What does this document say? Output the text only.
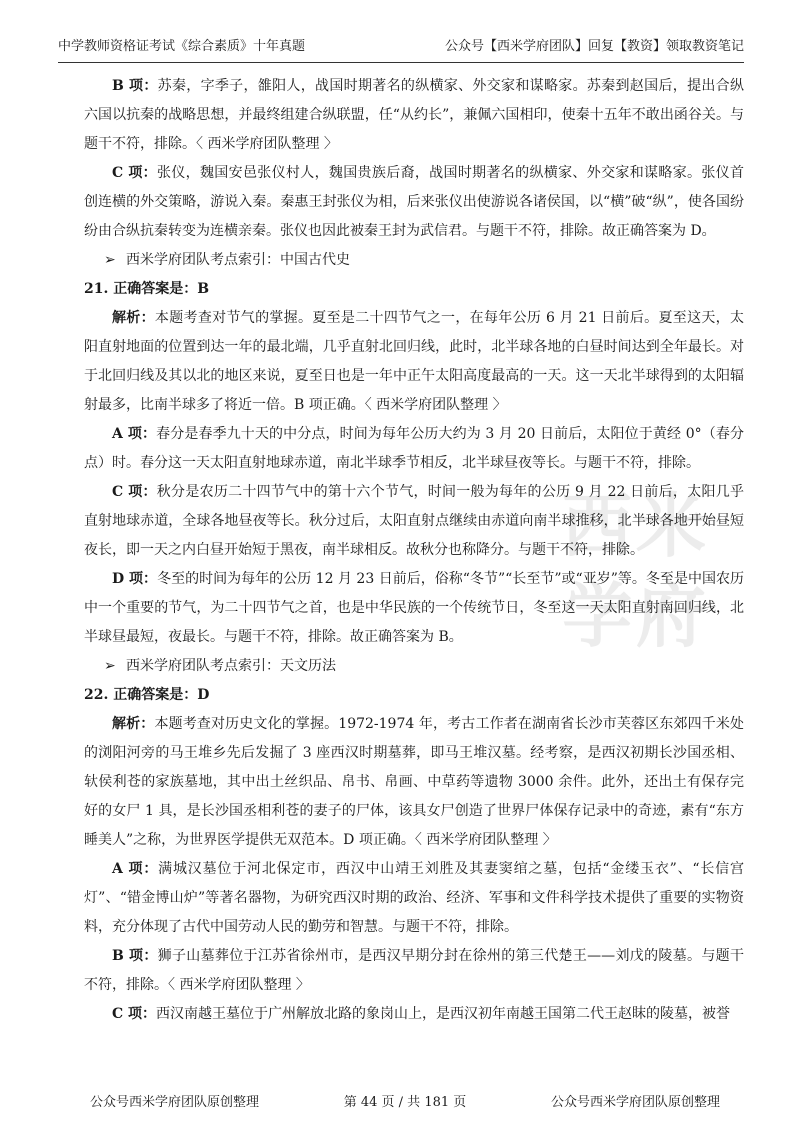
中学教师资格证考试《综合素质》十年真题	公众号【西米学府团队】回复【教资】领取教资笔记
西 米
学 府

B 项：苏秦，字季子，雒阳人，战国时期著名的纵横家、外交家和谋略家。苏秦到赵国后，提出合纵六国以抗秦的战略思想，并最终组建合纵联盟，任“从约长”，兼佩六国相印，使秦十五年不敢出函谷关。与题干不符，排除。〈 西米学府团队整理 〉

C 项：张仪，魏国安邑张仪村人，魏国贵族后裔，战国时期著名的纵横家、外交家和谋略家。张仪首创连横的外交策略，游说入秦。秦惠王封张仪为相，后来张仪出使游说各诸侯国，以“横”破“纵”，使各国纷纷由合纵抗秦转变为连横亲秦。张仪也因此被秦王封为武信君。与题干不符，排除。故正确答案为 D。

➢ 西米学府团队考点索引：中国古代史

21. 正确答案是：B

解析：本题考查对节气的掌握。夏至是二十四节气之一，在每年公历 6 月 21 日前后。夏至这天，太阳直射地面的位置到达一年的最北端，几乎直射北回归线，此时，北半球各地的白昼时间达到全年最长。对于北回归线及其以北的地区来说，夏至日也是一年中正午太阳高度最高的一天。这一天北半球得到的太阳辐射最多，比南半球多了将近一倍。B 项正确。〈 西米学府团队整理 〉

A 项：春分是春季九十天的中分点，时间为每年公历大约为 3 月 20 日前后，太阳位于黄经 0°（春分点）时。春分这一天太阳直射地球赤道，南北半球季节相反，北半球昼夜等长。与题干不符，排除。

C 项：秋分是农历二十四节气中的第十六个节气，时间一般为每年的公历 9 月 22 日前后，太阳几乎直射地球赤道，全球各地昼夜等长。秋分过后，太阳直射点继续由赤道向南半球推移，北半球各地开始昼短夜长，即一天之内白昼开始短于黑夜，南半球相反。故秋分也称降分。与题干不符，排除。

D 项：冬至的时间为每年的公历 12 月 23 日前后，俗称“冬节”“长至节”或“亚岁”等。冬至是中国农历中一个重要的节气，为二十四节气之首，也是中华民族的一个传统节日，冬至这一天太阳直射南回归线，北半球昼最短，夜最长。与题干不符，排除。故正确答案为 B。

➢ 西米学府团队考点索引：天文历法

22. 正确答案是：D

解析：本题考查对历史文化的掌握。1972-1974 年，考古工作者在湖南省长沙市芙蓉区东郊四千米处的浏阳河旁的马王堆乡先后发掘了 3 座西汉时期墓葬，即马王堆汉墓。经考察，是西汉初期长沙国丞相、轪侯利苍的家族墓地，其中出土丝织品、帛书、帛画、中草药等遗物 3000 余件。此外，还出土有保存完好的女尸 1 具，是长沙国丞相利苍的妻子的尸体，该具女尸创造了世界尸体保存记录中的奇迹，素有“东方睡美人”之称，为世界医学提供无双范本。D 项正确。〈 西米学府团队整理 〉

A 项：满城汉墓位于河北保定市，西汉中山靖王刘胜及其妻窦绾之墓，包括“金缕玉衣”、“长信宫灯”、“错金博山炉”等著名器物，为研究西汉时期的政治、经济、军事和文件科学技术提供了重要的实物资料，充分体现了古代中国劳动人民的勤劳和智慧。与题干不符，排除。

B 项：狮子山墓葬位于江苏省徐州市，是西汉早期分封在徐州的第三代楚王——刘戊的陵墓。与题干不符，排除。〈 西米学府团队整理 〉

C 项：西汉南越王墓位于广州解放北路的象岗山上，是西汉初年南越王国第二代王赵眜的陵墓，被誉

公众号西米学府团队原创整理	第 44 页 / 共 181 页	公众号西米学府团队原创整理
